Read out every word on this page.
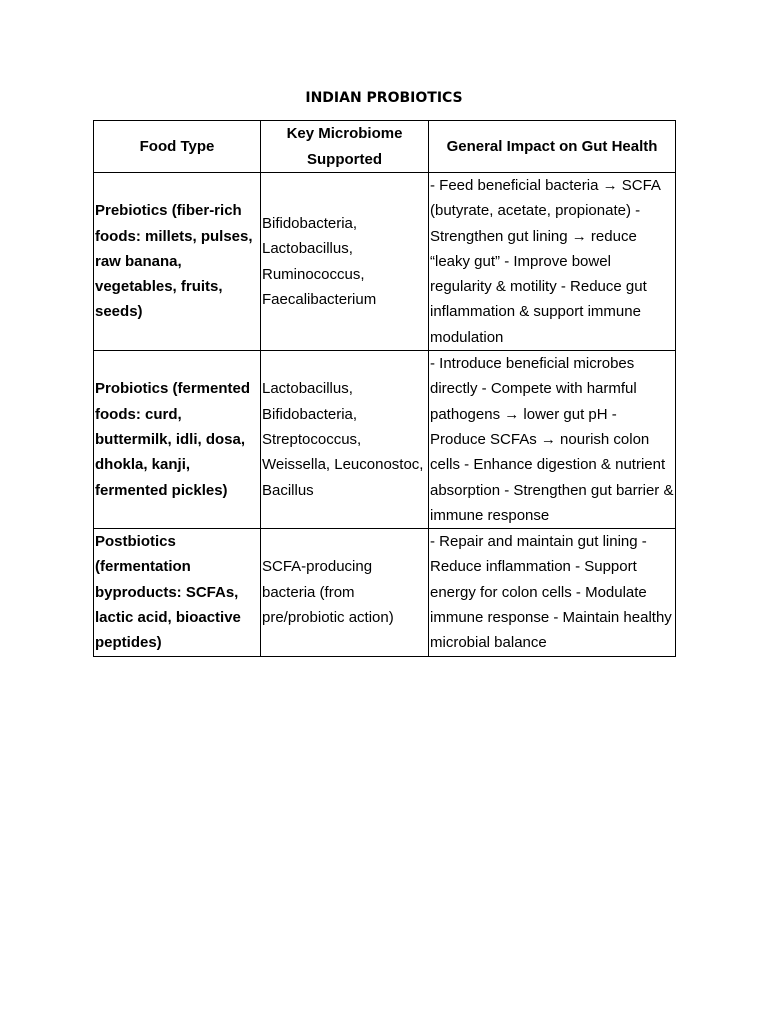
INDIAN PROBIOTICS
Food Type	Key Microbiome Supported	General Impact on Gut Health
Prebiotics (fiber-rich foods: millets, pulses, raw banana, vegetables, fruits, seeds)	Bifidobacteria, Lactobacillus, Ruminococcus, Faecalibacterium	- Feed beneficial bacteria → SCFA (butyrate, acetate, propionate) - Strengthen gut lining → reduce “leaky gut” - Improve bowel regularity & motility - Reduce gut inflammation & support immune modulation
Probiotics (fermented foods: curd, buttermilk, idli, dosa, dhokla, kanji, fermented pickles)	Lactobacillus, Bifidobacteria, Streptococcus, Weissella, Leuconostoc, Bacillus	- Introduce beneficial microbes directly - Compete with harmful pathogens → lower gut pH - Produce SCFAs → nourish colon cells - Enhance digestion & nutrient absorption - Strengthen gut barrier & immune response
Postbiotics (fermentation byproducts: SCFAs, lactic acid, bioactive peptides)	SCFA-producing bacteria (from pre/probiotic action)	- Repair and maintain gut lining - Reduce inflammation - Support energy for colon cells - Modulate immune response - Maintain healthy microbial balance
